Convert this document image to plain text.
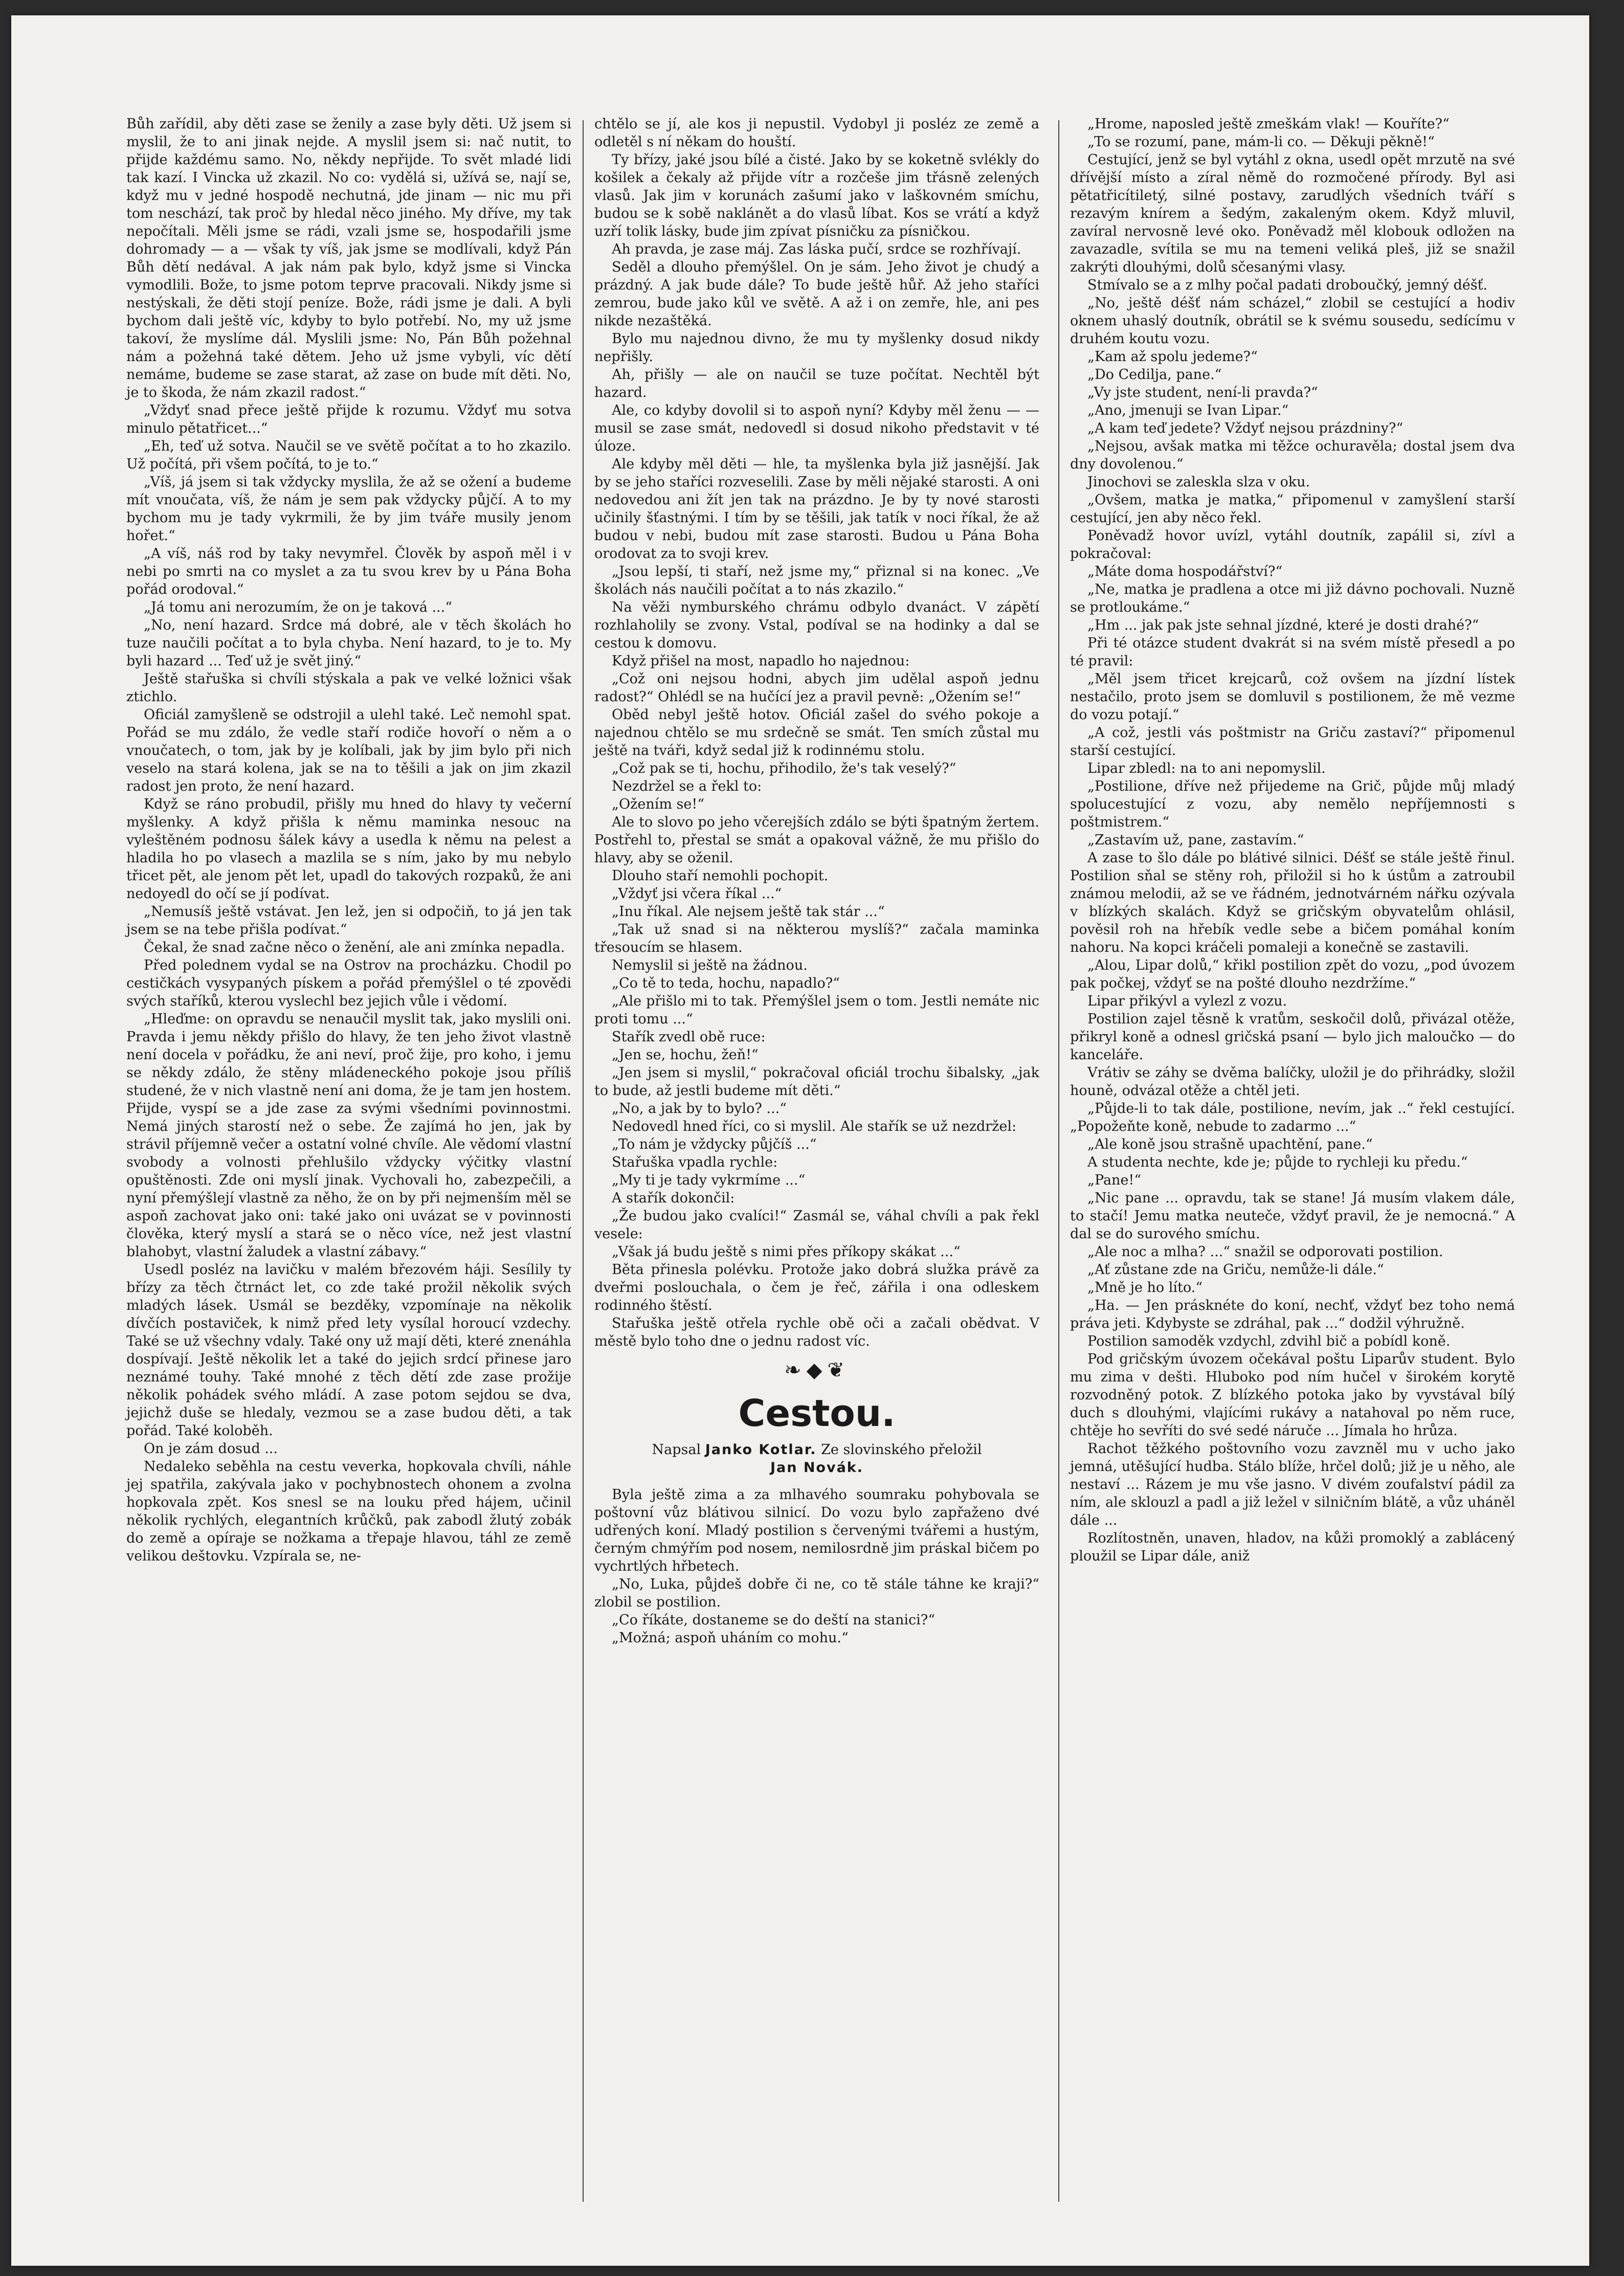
Bůh zařídil, aby děti zase se ženily a zase byly děti. Už jsem si myslil, že to ani jinak nejde. A myslil jsem si: nač nutit, to přijde každému samo. No, někdy nepřijde. To svět mladé lidi tak kazí. I Vincka už zkazil. No co: vydělá si, užívá se, nají se, když mu v jedné hospodě nechutná, jde jinam — nic mu při tom neschází, tak proč by hledal něco jiného. My dříve, my tak nepočítali. Měli jsme se rádi, vzali jsme se, hospodařili jsme dohromady — a — však ty víš, jak jsme se modlívali, když Pán Bůh dětí nedával. A jak nám pak bylo, když jsme si Vincka vymodlili. Bože, to jsme potom teprve pracovali. Nikdy jsme si nestýskali, že děti stojí peníze. Bože, rádi jsme je dali. A byli bychom dali ještě víc, kdyby to bylo potřebí. No, my už jsme takoví, že myslíme dál. Myslili jsme: No, Pán Bůh požehnal nám a požehná také dětem. Jeho už jsme vybyli, víc dětí nemáme, budeme se zase starat, až zase on bude mít děti. No, je to škoda, že nám zkazil radost.“

„Vždyť snad přece ještě přijde k rozumu. Vždyť mu sotva minulo pětatřicet...“

„Eh, teď už sotva. Naučil se ve světě počítat a to ho zkazilo. Už počítá, při všem počítá, to je to.“

„Víš, já jsem si tak vždycky myslila, že až se ožení a budeme mít vnoučata, víš, že nám je sem pak vždycky půjčí. A to my bychom mu je tady vykrmili, že by jim tváře musily jenom hořet.“

„A víš, náš rod by taky nevymřel. Člověk by aspoň měl i v nebi po smrti na co myslet a za tu svou krev by u Pána Boha pořád orodoval.“

„Já tomu ani nerozumím, že on je taková ...“

„No, není hazard. Srdce má dobré, ale v těch školách ho tuze naučili počítat a to byla chyba. Není hazard, to je to. My byli hazard ... Teď už je svět jiný.“

Ještě stařuška si chvíli stýskala a pak ve velké ložnici však ztichlo.

Oficiál zamyšleně se odstrojil a ulehl také. Leč nemohl spat. Pořád se mu zdálo, že vedle staří rodiče hovoří o něm a o vnoučatech, o tom, jak by je kolíbali, jak by jim bylo při nich veselo na stará kolena, jak se na to těšili a jak on jim zkazil radost jen proto, že není hazard.

Když se ráno probudil, přišly mu hned do hlavy ty večerní myšlenky. A když přišla k němu maminka nesouc na vyleštěném podnosu šálek kávy a usedla k němu na pelest a hladila ho po vlasech a mazlila se s ním, jako by mu nebylo třicet pět, ale jenom pět let, upadl do takových rozpaků, že ani nedoyedl do očí se jí podívat.

„Nemusíš ještě vstávat. Jen lež, jen si odpočiň, to já jen tak jsem se na tebe přišla podívat.“

Čekal, že snad začne něco o ženění, ale ani zmínka nepadla.

Před polednem vydal se na Ostrov na procházku. Chodil po cestičkách vysypaných pískem a pořád přemýšlel o té zpovědi svých staříků, kterou vyslechl bez jejich vůle i vědomí.

„Hleďme: on opravdu se nenaučil myslit tak, jako myslili oni. Pravda i jemu někdy přišlo do hlavy, že ten jeho život vlastně není docela v pořádku, že ani neví, proč žije, pro koho, i jemu se někdy zdálo, že stěny mládeneckého pokoje jsou příliš studené, že v nich vlastně není ani doma, že je tam jen hostem. Přijde, vyspí se a jde zase za svými všedními povinnostmi. Nemá jiných starostí než o sebe. Že zajímá ho jen, jak by strávil příjemně večer a ostatní volné chvíle. Ale vědomí vlastní svobody a volnosti přehlušilo vždycky výčitky vlastní opuštěnosti. Zde oni myslí jinak. Vychovali ho, zabezpečili, a nyní přemýšlejí vlastně za něho, že on by při nejmenším měl se aspoň zachovat jako oni: také jako oni uvázat se v povinnosti člověka, který myslí a stará se o něco více, než jest vlastní blahobyt, vlastní žaludek a vlastní zábavy.“

Usedl posléz na lavičku v malém březovém háji. Sesílily ty břízy za těch čtrnáct let, co zde také prožil několik svých mladých lásek. Usmál se bezděky, vzpomínaje na několik dívčích postaviček, k nimž před lety vysílal horoucí vzdechy. Také se už všechny vdaly. Také ony už mají děti, které znenáhla dospívají. Ještě několik let a také do jejich srdcí přinese jaro neznámé touhy. Také mnohé z těch dětí zde zase prožije několik pohádek svého mládí. A zase potom sejdou se dva, jejichž duše se hledaly, vezmou se a zase budou děti, a tak pořád. Také koloběh.

On je zám dosud ...

Nedaleko seběhla na cestu veverka, hopkovala chvíli, náhle jej spatřila, zakývala jako v pochybnostech ohonem a zvolna hopkovala zpět. Kos snesl se na louku před hájem, učinil několik rychlých, elegantních krůčků, pak zabodl žlutý zobák do země a opíraje se nožkama a třepaje hlavou, táhl ze země velikou deštovku. Vzpírala se, ne-

chtělo se jí, ale kos ji nepustil. Vydobyl ji posléz ze země a odletěl s ní někam do houští.

Ty břízy, jaké jsou bílé a čisté. Jako by se koketně svlékly do košilek a čekaly až přijde vítr a rozčeše jim třásně zelených vlasů. Jak jim v korunách zašumí jako v laškovném smíchu, budou se k sobě naklánět a do vlasů líbat. Kos se vrátí a když uzří tolik lásky, bude jim zpívat písničku za písničkou.

Ah pravda, je zase máj. Zas láska pučí, srdce se rozhřívají.

Seděl a dlouho přemýšlel. On je sám. Jeho život je chudý a prázdný. A jak bude dále? To bude ještě hůř. Až jeho staříci zemrou, bude jako kůl ve světě. A až i on zemře, hle, ani pes nikde nezaštěká.

Bylo mu najednou divno, že mu ty myšlenky dosud nikdy nepřišly.

Ah, přišly — ale on naučil se tuze počítat. Nechtěl být hazard.

Ale, co kdyby dovolil si to aspoň nyní? Kdyby měl ženu — — musil se zase smát, nedovedl si dosud nikoho představit v té úloze.

Ale kdyby měl děti — hle, ta myšlenka byla již jasnější. Jak by se jeho staříci rozveselili. Zase by měli nějaké starosti. A oni nedovedou ani žít jen tak na prázdno. Je by ty nové starosti učinily šťastnými. I tím by se těšili, jak tatík v noci říkal, že až budou v nebi, budou mít zase starosti. Budou u Pána Boha orodovat za to svoji krev.

„Jsou lepší, ti staří, než jsme my,“ přiznal si na konec. „Ve školách nás naučili počítat a to nás zkazilo.“

Na věži nymburského chrámu odbylo dvanáct. V zápětí rozhlaholily se zvony. Vstal, podíval se na hodinky a dal se cestou k domovu.

Když přišel na most, napadlo ho najednou:

„Což oni nejsou hodni, abych jim udělal aspoň jednu radost?“ Ohlédl se na hučící jez a pravil pevně: „Ožením se!“

Oběd nebyl ještě hotov. Oficiál zašel do svého pokoje a najednou chtělo se mu srdečně se smát. Ten smích zůstal mu ještě na tváři, když sedal již k rodinnému stolu.

„Což pak se ti, hochu, přihodilo, že's tak veselý?“

Nezdržel se a řekl to:

„Ožením se!“

Ale to slovo po jeho včerejších zdálo se býti špatným žertem. Postřehl to, přestal se smát a opakoval vážně, že mu přišlo do hlavy, aby se oženil.

Dlouho staří nemohli pochopit.

„Vždyť jsi včera říkal ...“

„Inu říkal. Ale nejsem ještě tak stár ...“

„Tak už snad si na některou myslíš?“ začala maminka třesoucím se hlasem.

Nemyslil si ještě na žádnou.

„Co tě to teda, hochu, napadlo?“

„Ale přišlo mi to tak. Přemýšlel jsem o tom. Jestli nemáte nic proti tomu ...“

Stařík zvedl obě ruce:

„Jen se, hochu, žeň!“

„Jen jsem si myslil,“ pokračoval oficiál trochu šibalsky, „jak to bude, až jestli budeme mít děti.“

„No, a jak by to bylo? ...“

Nedovedl hned říci, co si myslil. Ale stařík se už nezdržel:

„To nám je vždycky půjčíš ...“

Stařuška vpadla rychle:

„My ti je tady vykrmíme ...“

A stařík dokončil:

„Že budou jako cvalíci!“ Zasmál se, váhal chvíli a pak řekl vesele:

„Však já budu ještě s nimi přes příkopy skákat ...“

Běta přinesla polévku. Protože jako dobrá služka právě za dveřmi poslouchala, o čem je řeč, zářila i ona odleskem rodinného štěstí.

Stařuška ještě otřela rychle obě oči a začali obědvat. V městě bylo toho dne o jednu radost víc.

❧◆❦
Cestou.
Napsal Janko Kotlar. Ze slovinského přeložil
Jan Novák.

Byla ještě zima a za mlhavého soumraku pohybovala se poštovní vůz blátivou silnicí. Do vozu bylo zapřaženo dvé udřených koní. Mladý postilion s červenými tvářemi a hustým, černým chmýřím pod nosem, nemilosrdně jim práskal bičem po vychrtlých hřbetech.

„No, Luka, půjdeš dobře či ne, co tě stále táhne ke kraji?“ zlobil se postilion.

„Co říkáte, dostaneme se do deští na stanici?“

„Možná; aspoň uháním co mohu.“

„Hrome, naposled ještě zmeškám vlak! — Kouříte?“

„To se rozumí, pane, mám-li co. — Děkuji pěkně!“

Cestující, jenž se byl vytáhl z okna, usedl opět mrzutě na své dřívější místo a zíral němě do rozmočené přírody. Byl asi pětatřicítiletý, silné postavy, zarudlých všedních tváří s rezavým knírem a šedým, zakaleným okem. Když mluvil, zavíral nervosně levé oko. Poněvadž měl klobouk odložen na zavazadle, svítila se mu na temeni veliká pleš, již se snažil zakrýti dlouhými, dolů sčesanými vlasy.

Stmívalo se a z mlhy počal padati droboučký, jemný déšť.

„No, ještě déšť nám scházel,“ zlobil se cestující a hodiv oknem uhaslý doutník, obrátil se k svému sousedu, sedícímu v druhém koutu vozu.

„Kam až spolu jedeme?“

„Do Cedilja, pane.“

„Vy jste student, není-li pravda?“

„Ano, jmenuji se Ivan Lipar.“

„A kam teď jedete? Vždyť nejsou prázdniny?“

„Nejsou, avšak matka mi těžce ochuravěla; dostal jsem dva dny dovolenou.“

Jinochovi se zaleskla slza v oku.

„Ovšem, matka je matka,“ připomenul v zamyšlení starší cestující, jen aby něco řekl.

Poněvadž hovor uvízl, vytáhl doutník, zapálil si, zívl a pokračoval:

„Máte doma hospodářství?“

„Ne, matka je pradlena a otce mi již dávno pochovali. Nuzně se protloukáme.“

„Hm ... jak pak jste sehnal jízdné, které je dosti drahé?“

Při té otázce student dvakrát si na svém místě přesedl a po té pravil:

„Měl jsem třicet krejcarů, což ovšem na jízdní lístek nestačilo, proto jsem se domluvil s postilionem, že mě vezme do vozu potají.“

„A což, jestli vás poštmistr na Griču zastaví?“ připomenul starší cestující.

Lipar zbledl: na to ani nepomyslil.

„Postilione, dříve než přijedeme na Grič, půjde můj mladý spolucestující z vozu, aby nemělo nepříjemnosti s poštmistrem.“

„Zastavím už, pane, zastavím.“

A zase to šlo dále po blátivé silnici. Déšť se stále ještě řinul. Postilion sňal se stěny roh, přiložil si ho k ústům a zatroubil známou melodii, až se ve řádném, jednotvárném nářku ozývala v blízkých skalách. Když se gričským obyvatelům ohlásil, pověsil roh na hřebík vedle sebe a bičem pomáhal koním nahoru. Na kopci kráčeli pomaleji a konečně se zastavili.

„Alou, Lipar dolů,“ křikl postilion zpět do vozu, „pod úvozem pak počkej, vždyť se na pošté dlouho nezdržíme.“

Lipar přikývl a vylezl z vozu.

Postilion zajel těsně k vratům, seskočil dolů, přivázal otěže, přikryl koně a odnesl gričská psaní — bylo jich maloučko — do kanceláře.

Vrátiv se záhy se dvěma balíčky, uložil je do přihrádky, složil houně, odvázal otěže a chtěl jeti.

„Půjde-li to tak dále, postilione, nevím, jak ..“ řekl cestující. „Popožeňte koně, nebude to zadarmo ...“

„Ale koně jsou strašně upachtění, pane.“

A studenta nechte, kde je; půjde to rychleji ku předu.“

„Pane!“

„Nic pane ... opravdu, tak se stane! Já musím vlakem dále, to stačí! Jemu matka neuteče, vždyť pravil, že je nemocná.“ A dal se do surového smíchu.

„Ale noc a mlha? ...“ snažil se odporovati postilion.

„Ať zůstane zde na Griču, nemůže-li dále.“

„Mně je ho líto.“

„Ha. — Jen prásknéte do koní, nechť, vždyť bez toho nemá práva jeti. Kdybyste se zdráhal, pak ...“ dodžil výhružně.

Postilion samoděk vzdychl, zdvihl bič a pobídl koně.

Pod gričským úvozem očekával poštu Liparův student. Bylo mu zima v dešti. Hluboko pod ním hučel v širokém korytě rozvodněný potok. Z blízkého potoka jako by vyvstával bílý duch s dlouhými, vlajícími rukávy a natahoval po něm ruce, chtěje ho sevříti do své sedé náruče ... Jímala ho hrůza.

Rachot těžkého poštovního vozu zavzněl mu v ucho jako jemná, utěšující hudba. Stálo blíže, hrčel dolů; již je u něho, ale nestaví ... Rázem je mu vše jasno. V divém zoufalství pádil za ním, ale sklouzl a padl a již ležel v silničním blátě, a vůz uháněl dále ...

Rozlítostněn, unaven, hladov, na kůži promoklý a zablácený ploužil se Lipar dále, aniž
